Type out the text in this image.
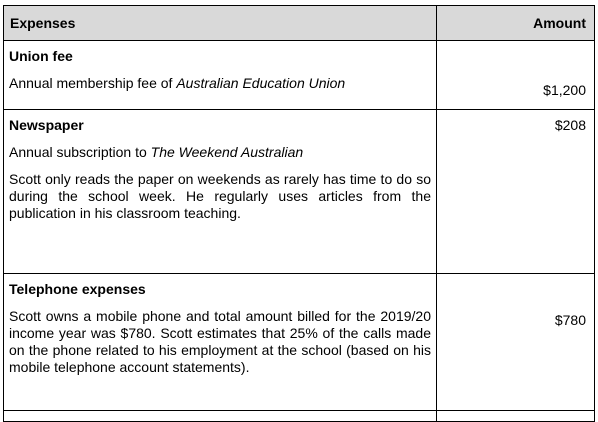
Expenses	Amount

Union fee
Annual membership fee of Australian Education Union	$1,200

Newspaper
Annual subscription to The Weekend Australian
Scott only reads the paper on weekends as rarely has time to do so during the school week. He regularly uses articles from the publication in his classroom teaching.	$208

Telephone expenses
Scott owns a mobile phone and total amount billed for the 2019/20 income year was $780. Scott estimates that 25% of the calls made on the phone related to his employment at the school (based on his mobile telephone account statements).	$780
